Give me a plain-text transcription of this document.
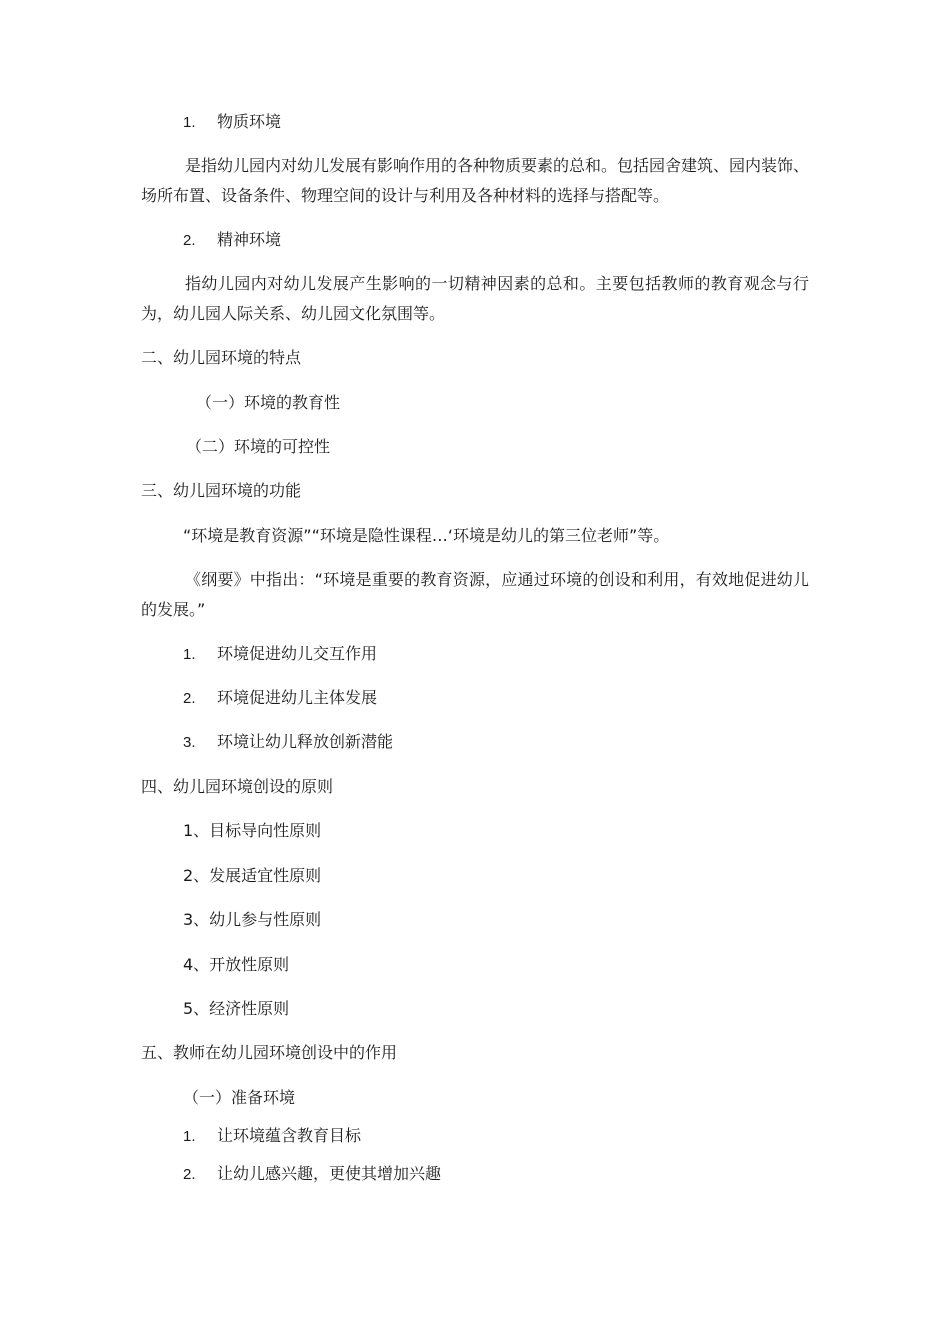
1. 物质环境
是指幼儿园内对幼儿发展有影响作用的各种物质要素的总和。包括园舍建筑、园内装饰、场所布置、设备条件、物理空间的设计与利用及各种材料的选择与搭配等。
2. 精神环境
指幼儿园内对幼儿发展产生影响的一切精神因素的总和。主要包括教师的教育观念与行为，幼儿园人际关系、幼儿园文化氛围等。
二、幼儿园环境的特点
（一）环境的教育性
（二）环境的可控性
三、幼儿园环境的功能
“环境是教育资源”“环境是隐性课程…‘环境是幼儿的第三位老师”等。
《纲要》中指出：“环境是重要的教育资源，应通过环境的创设和利用，有效地促进幼儿的发展。”
1. 环境促进幼儿交互作用
2. 环境促进幼儿主体发展
3. 环境让幼儿释放创新潜能
四、幼儿园环境创设的原则
1、目标导向性原则
2、发展适宜性原则
3、幼儿参与性原则
4、开放性原则
5、经济性原则
五、教师在幼儿园环境创设中的作用
（一）准备环境
1. 让环境蕴含教育目标
2. 让幼儿感兴趣，更使其增加兴趣
